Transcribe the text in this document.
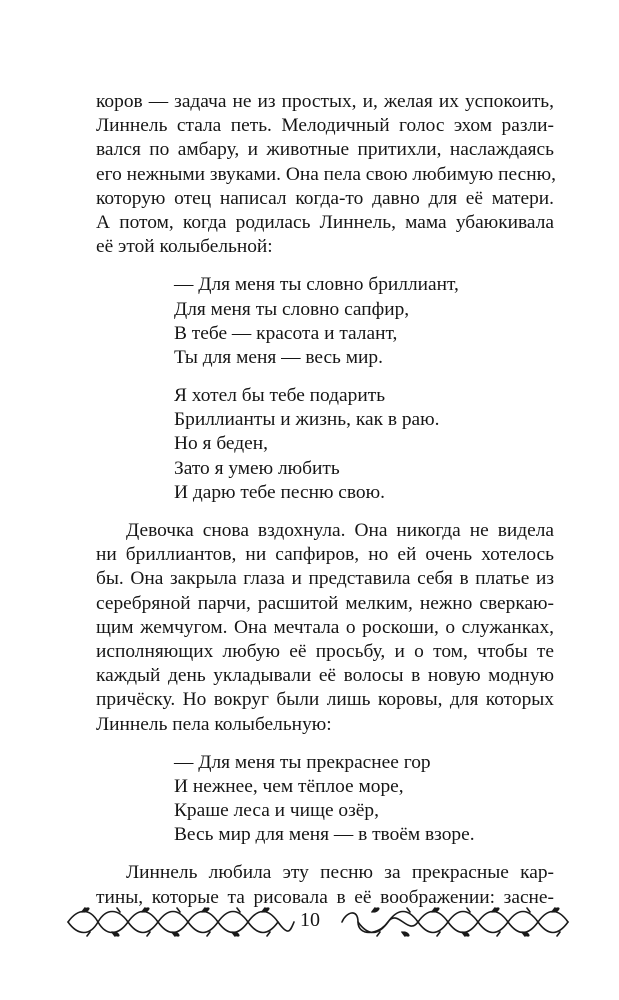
коров — задача не из простых, и, желая их успокоить,
Линнель стала петь. Мелодичный голос эхом разли-
вался по амбару, и животные притихли, наслаждаясь
его нежными звуками. Она пела свою любимую песню,
которую отец написал когда-то давно для её матери.
А потом, когда родилась Линнель, мама убаюкивала
её этой колыбельной:
— Для меня ты словно бриллиант,
Для меня ты словно сапфир,
В тебе — красота и талант,
Ты для меня — весь мир.
Я хотел бы тебе подарить
Бриллианты и жизнь, как в раю.
Но я беден,
Зато я умею любить
И дарю тебе песню свою.
Девочка снова вздохнула. Она никогда не видела
ни бриллиантов, ни сапфиров, но ей очень хотелось
бы. Она закрыла глаза и представила себя в платье из
серебряной парчи, расшитой мелким, нежно сверкаю-
щим жемчугом. Она мечтала о роскоши, о служанках,
исполняющих любую её просьбу, и о том, чтобы те
каждый день укладывали её волосы в новую модную
причёску. Но вокруг были лишь коровы, для которых
Линнель пела колыбельную:
— Для меня ты прекраснее гор
И нежнее, чем тёплое море,
Краше леса и чище озёр,
Весь мир для меня — в твоём взоре.
Линнель любила эту песню за прекрасные кар-
тины, которые та рисовала в её воображении: засне-
10
